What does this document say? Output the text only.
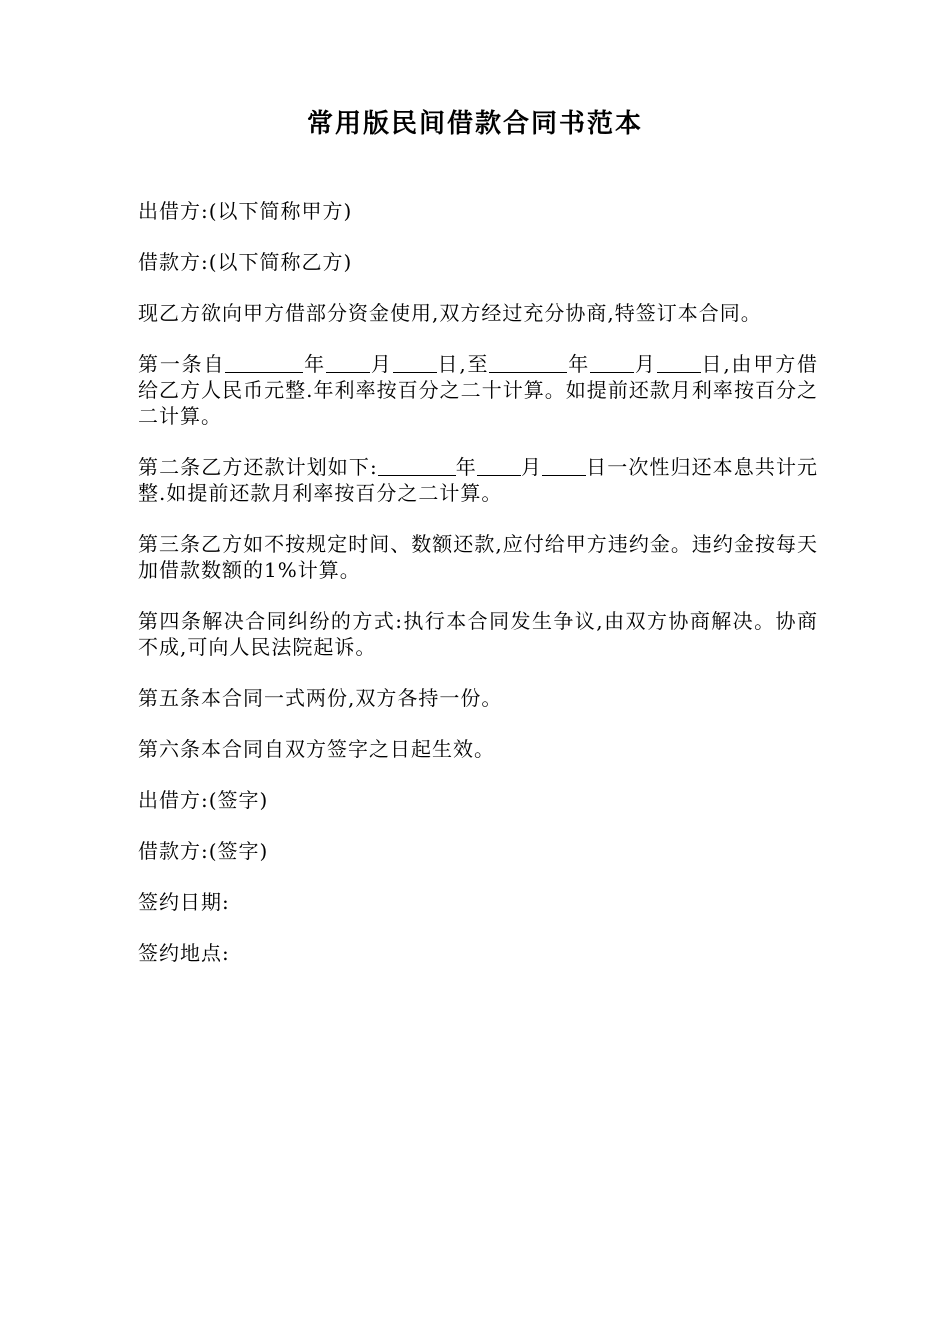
常用版民间借款合同书范本

出借方:(以下简称甲方)

借款方:(以下简称乙方)

现乙方欲向甲方借部分资金使用,双方经过充分协商,特签订本合同。

第一条自	年 月 日,至	年 月 日,由甲方借给乙方人民币元整.年利率按百分之二十计算。如提前还款月利率按百分之二计算。

第二条乙方还款计划如下:	年 月 日一次性归还本息共计元整.如提前还款月利率按百分之二计算。

第三条乙方如不按规定时间、数额还款,应付给甲方违约金。违约金按每天加借款数额的1%计算。

第四条解决合同纠纷的方式:执行本合同发生争议,由双方协商解决。协商不成,可向人民法院起诉。

第五条本合同一式两份,双方各持一份。

第六条本合同自双方签字之日起生效。

出借方:(签字)

借款方:(签字)

签约日期:

签约地点:
